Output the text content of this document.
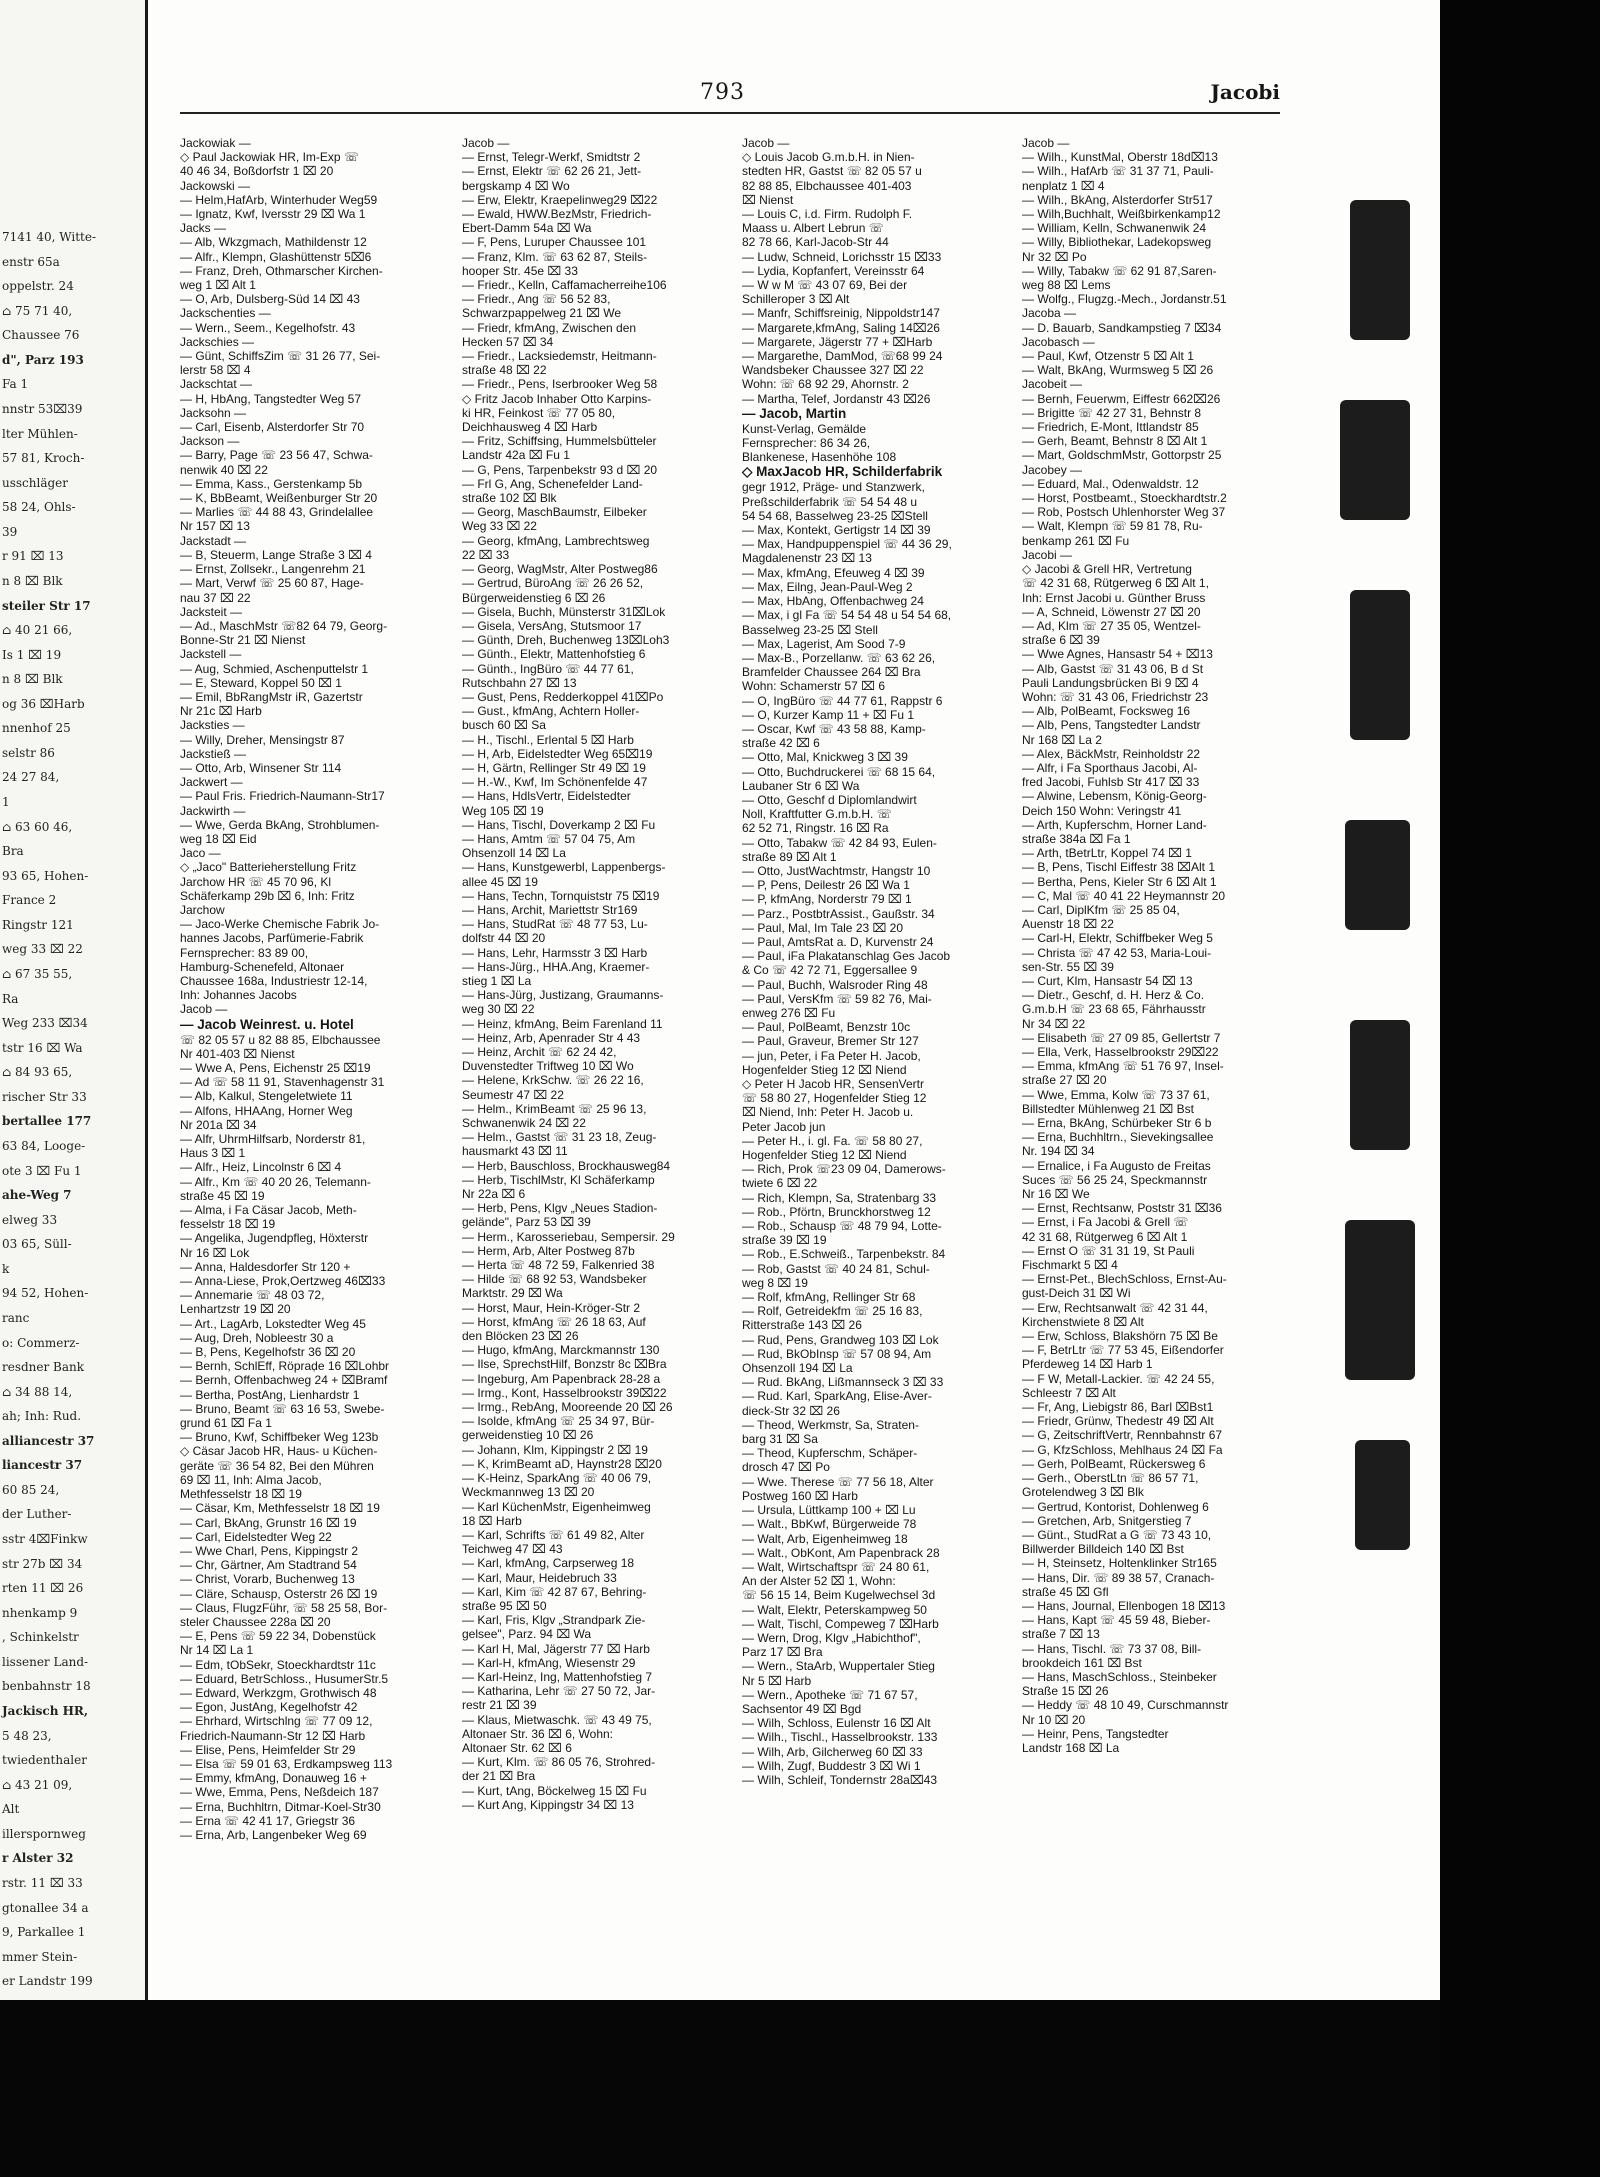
7141 40, Witte-
enstr 65a
oppelstr. 24
⌂ 75 71 40,
Chaussee 76
d", Parz 193
Fa 1
nnstr 53⌧39
lter Mühlen-
57 81, Kroch-
usschläger
58 24, Ohls-
39
r 91 ⌧ 13
n 8 ⌧ Blk
steiler Str 17
⌂ 40 21 66,
Is 1 ⌧ 19
n 8 ⌧ Blk
og 36 ⌧Harb
nnenhof 25
selstr 86
24 27 84,
1
⌂ 63 60 46,
Bra
93 65, Hohen-
France 2
Ringstr 121
weg 33 ⌧ 22
⌂ 67 35 55,
Ra
Weg 233 ⌧34
tstr 16 ⌧ Wa
⌂ 84 93 65,
rischer Str 33
bertallee 177
63 84, Looge-
ote 3 ⌧ Fu 1
ahe-Weg 7
elweg 33
03 65, Süll-
k
94 52, Hohen-
ranc
o: Commerz-
resdner Bank
⌂ 34 88 14,
ah; Inh: Rud.
alliancestr 37
liancestr 37
60 85 24,
der Luther-
sstr 4⌧Finkw
str 27b ⌧ 34
rten 11 ⌧ 26
nhenkamp 9
, Schinkelstr
lissener Land-
benbahnstr 18
Jackisch HR,
5 48 23,
twiedenthaler
⌂ 43 21 09,
Alt
illerspornweg
r Alster 32
rstr. 11 ⌧ 33
gtonallee 34 a
9, Parkallee 1
mmer Stein-
er Landstr 199
793	Jacobi
Jackowiak —
◇ Paul Jackowiak HR, Im-Exp ☏
40 46 34, Boßdorfstr 1 ⌧ 20
Jackowski —
— Helm,HafArb, Winterhuder Weg59
— Ignatz, Kwf, Iversstr 29 ⌧ Wa 1
Jacks —
— Alb, Wkzgmach, Mathildenstr 12
— Alfr., Klempn, Glashüttenstr 5⌧6
— Franz, Dreh, Othmarscher Kirchen-
weg 1 ⌧ Alt 1
— O, Arb, Dulsberg-Süd 14 ⌧ 43
Jackschenties —
— Wern., Seem., Kegelhofstr. 43
Jackschies —
— Günt, SchiffsZim ☏ 31 26 77, Sei-
lerstr 58 ⌧ 4
Jackschtat —
— H, HbAng, Tangstedter Weg 57
Jacksohn —
— Carl, Eisenb, Alsterdorfer Str 70
Jackson —
— Barry, Page ☏ 23 56 47, Schwa-
nenwik 40 ⌧ 22
— Emma, Kass., Gerstenkamp 5b
— K, BbBeamt, Weißenburger Str 20
— Marlies ☏ 44 88 43, Grindelallee
Nr 157 ⌧ 13
Jackstadt —
— B, Steuerm, Lange Straße 3 ⌧ 4
— Ernst, Zollsekr., Langenrehm 21
— Mart, Verwf ☏ 25 60 87, Hage-
nau 37 ⌧ 22
Jacksteit —
— Ad., MaschMstr ☏82 64 79, Georg-
Bonne-Str 21 ⌧ Nienst
Jackstell —
— Aug, Schmied, Aschenputtelstr 1
— E, Steward, Koppel 50 ⌧ 1
— Emil, BbRangMstr iR, Gazertstr
Nr 21c ⌧ Harb
Jacksties —
— Willy, Dreher, Mensingstr 87
Jackstieß —
— Otto, Arb, Winsener Str 114
Jackwert —
— Paul Fris. Friedrich-Naumann-Str17
Jackwirth —
— Wwe, Gerda BkAng, Strohblumen-
weg 18 ⌧ Eid
Jaco —
◇ „Jaco" Batterieherstellung Fritz
Jarchow HR ☏ 45 70 96, Kl
Schäferkamp 29b ⌧ 6, Inh: Fritz
Jarchow
— Jaco-Werke Chemische Fabrik Jo-
hannes Jacobs, Parfümerie-Fabrik
Fernsprecher: 83 89 00,
Hamburg-Schenefeld, Altonaer
Chaussee 168a, Industriestr 12-14,
Inh: Johannes Jacobs
Jacob —
— Jacob Weinrest. u. Hotel
☏ 82 05 57 u 82 88 85, Elbchaussee
Nr 401-403 ⌧ Nienst
— Wwe A, Pens, Eichenstr 25 ⌧19
— Ad ☏ 58 11 91, Stavenhagenstr 31
— Alb, Kalkul, Stengeletwiete 11
— Alfons, HHAAng, Horner Weg
Nr 201a ⌧ 34
— Alfr, UhrmHilfsarb, Norderstr 81,
Haus 3 ⌧ 1
— Alfr., Heiz, Lincolnstr 6 ⌧ 4
— Alfr., Km ☏ 40 20 26, Telemann-
straße 45 ⌧ 19
— Alma, i Fa Cäsar Jacob, Meth-
fesselstr 18 ⌧ 19
— Angelika, Jugendpfleg, Höxterstr
Nr 16 ⌧ Lok
— Anna, Haldesdorfer Str 120 +
— Anna-Liese, Prok,Oertzweg 46⌧33
— Annemarie ☏ 48 03 72,
Lenhartzstr 19 ⌧ 20
— Art., LagArb, Lokstedter Weg 45
— Aug, Dreh, Nobleestr 30 a
— B, Pens, Kegelhofstr 36 ⌧ 20
— Bernh, SchlEff, Röpraḍe 16 ⌧Lohbr
— Bernh, Offenbachweg 24 + ⌧Bramf
— Bertha, PostAng, Lienhardstr 1
— Bruno, Beamt ☏ 63 16 53, Swebe-
grund 61 ⌧ Fa 1
— Bruno, Kwf, Schiffbeker Weg 123b
◇ Cäsar Jacob HR, Haus- u Küchen-
geräte ☏ 36 54 82, Bei den Mühren
69 ⌧ 11, Inh: Alma Jacob,
Methfesselstr 18 ⌧ 19
— Cäsar, Km, Methfesselstr 18 ⌧ 19
— Carl, BkAng, Grunstr 16 ⌧ 19
— Carl, Eidelstedter Weg 22
— Wwe Charl, Pens, Kippingstr 2
— Chr, Gärtner, Am Stadtrand 54
— Christ, Vorarb, Buchenweg 13
— Cläre, Schausp, Osterstr 26 ⌧ 19
— Claus, FlugzFühr, ☏ 58 25 58, Bor-
steler Chaussee 228a ⌧ 20
— E, Pens ☏ 59 22 34, Dobenstück
Nr 14 ⌧ La 1
— Edm, tObSekr, Stoeckhardtstr 11c
— Eduard, BetrSchloss., HusumerStr.5
— Edward, Werkzgm, Grothwisch 48
— Egon, JustAng, Kegelhofstr 42
— Ehrhard, Wirtschlng ☏ 77 09 12,
Friedrich-Naumann-Str 12 ⌧ Harb
— Elise, Pens, Heimfelder Str 29
— Elsa ☏ 59 01 63, Erdkampsweg 113
— Emmy, kfmAng, Donauweg 16 +
— Wwe, Emma, Pens, Neßdeich 187
— Erna, Buchhltrn, Ditmar-Koel-Str30
— Erna ☏ 42 41 17, Griegstr 36
— Erna, Arb, Langenbeker Weg 69
Jacob —
— Ernst, Telegr-Werkf, Smidtstr 2
— Ernst, Elektr ☏ 62 26 21, Jett-
bergskamp 4 ⌧ Wo
— Erw, Elektr, Kraepelinweg29 ⌧22
— Ewald, HWW.BezMstr, Friedrich-
Ebert-Damm 54a ⌧ Wa
— F, Pens, Luruper Chaussee 101
— Franz, Klm. ☏ 63 62 87, Steils-
hooper Str. 45e ⌧ 33
— Friedr., Kelln, Caffamacherreihe106
— Friedr., Ang ☏ 56 52 83,
Schwarzpappelweg 21 ⌧ We
— Friedr, kfmAng, Zwischen den
Hecken 57 ⌧ 34
— Friedr., Lacksiedemstr, Heitmann-
straße 48 ⌧ 22
— Friedr., Pens, Iserbrooker Weg 58
◇ Fritz Jacob Inhaber Otto Karpins-
ki HR, Feinkost ☏ 77 05 80,
Deichhausweg 4 ⌧ Harb
— Fritz, Schiffsing, Hummelsbütteler
Landstr 42a ⌧ Fu 1
— G, Pens, Tarpenbekstr 93 d ⌧ 20
— Frl G, Ang, Schenefelder Land-
straße 102 ⌧ Blk
— Georg, MaschBaumstr, Eilbeker
Weg 33 ⌧ 22
— Georg, kfmAng, Lambrechtsweg
22 ⌧ 33
— Georg, WagMstr, Alter Postweg86
— Gertrud, BüroAng ☏ 26 26 52,
Bürgerweidenstieg 6 ⌧ 26
— Gisela, Buchh, Münsterstr 31⌧Lok
— Gisela, VersAng, Stutsmoor 17
— Günth, Dreh, Buchenweg 13⌧Loh3
— Günth., Elektr, Mattenhofstieg 6
— Günth., IngBüro ☏ 44 77 61,
Rutschbahn 27 ⌧ 13
— Gust, Pens, Redderkoppel 41⌧Po
— Gust., kfmAng, Achtern Holler-
busch 60 ⌧ Sa
— H., Tischl., Erlental 5 ⌧ Harb
— H, Arb, Eidelstedter Weg 65⌧19
— H, Gärtn, Rellinger Str 49 ⌧ 19
— H.-W., Kwf, Im Schönenfelde 47
— Hans, HdlsVertr, Eidelstedter
Weg 105 ⌧ 19
— Hans, Tischl, Doverkamp 2 ⌧ Fu
— Hans, Amtm ☏ 57 04 75, Am
Ohsenzoll 14 ⌧ La
— Hans, Kunstgewerbl, Lappenbergs-
allee 45 ⌧ 19
— Hans, Techn, Tornquiststr 75 ⌧19
— Hans, Archit, Mariettstr Str169
— Hans, StudRat ☏ 48 77 53, Lu-
dolfstr 44 ⌧ 20
— Hans, Lehr, Harmsstr 3 ⌧ Harb
— Hans-Jürg., HHA.Ang, Kraemer-
stieg 1 ⌧ La
— Hans-Jürg, Justizang, Graumanns-
weg 30 ⌧ 22
— Heinz, kfmAng, Beim Farenland 11
— Heinz, Arb, Apenrader Str 4 43
— Heinz, Archit ☏ 62 24 42,
Duvenstedter Triftweg 10 ⌧ Wo
— Helene, KrkSchw. ☏ 26 22 16,
Seumestr 47 ⌧ 22
— Helm., KrimBeamt ☏ 25 96 13,
Schwanenwik 24 ⌧ 22
— Helm., Gastst ☏ 31 23 18, Zeug-
hausmarkt 43 ⌧ 11
— Herb, Bauschloss, Brockhausweg84
— Herb, TischlMstr, Kl Schäferkamp
Nr 22a ⌧ 6
— Herb, Pens, Klgv „Neues Stadion-
gelände", Parz 53 ⌧ 39
— Herm., Karosseriebau, Sempersir. 29
— Herm, Arb, Alter Postweg 87b
— Herta ☏ 48 72 59, Falkenried 38
— Hilde ☏ 68 92 53, Wandsbeker
Marktstr. 29 ⌧ Wa
— Horst, Maur, Hein-Kröger-Str 2
— Horst, kfmAng ☏ 26 18 63, Auf
den Blöcken 23 ⌧ 26
— Hugo, kfmAng, Marckmannstr 130
— Ilse, SprechstHilf, Bonzstr 8c ⌧Bra
— Ingeburg, Am Papenbrack 28-28 a
— Irmg., Kont, Hasselbrookstr 39⌧22
— Irmg., RebAng, Mooreende 20 ⌧ 26
— Isolde, kfmAng ☏ 25 34 97, Bür-
gerweidenstieg 10 ⌧ 26
— Johann, Klm, Kippingstr 2 ⌧ 19
— K, KrimBeamt aD, Haynstr28 ⌧20
— K-Heinz, SparkAng ☏ 40 06 79,
Weckmannweg 13 ⌧ 20
— Karl KüchenMstr, Eigenheimweg
18 ⌧ Harb
— Karl, Schrifts ☏ 61 49 82, Alter
Teichweg 47 ⌧ 43
— Karl, kfmAng, Carpserweg 18
— Karl, Maur, Heidebruch 33
— Karl, Kim ☏ 42 87 67, Behring-
straße 95 ⌧ 50
— Karl, Fris, Klgv „Strandpark Zie-
gelsee", Parz. 94 ⌧ Wa
— Karl H, Mal, Jägerstr 77 ⌧ Harb
— Karl-H, kfmAng, Wiesenstr 29
— Karl-Heinz, Ing, Mattenhofstieg 7
— Katharina, Lehr ☏ 27 50 72, Jar-
restr 21 ⌧ 39
— Klaus, Mietwaschk. ☏ 43 49 75,
Altonaer Str. 36 ⌧ 6, Wohn:
Altonaer Str. 62 ⌧ 6
— Kurt, Klm. ☏ 86 05 76, Strohred-
der 21 ⌧ Bra
— Kurt, tAng, Böckelweg 15 ⌧ Fu
— Kurt Ang, Kippingstr 34 ⌧ 13
Jacob —
◇ Louis Jacob G.m.b.H. in Nien-
stedten HR, Gastst ☏ 82 05 57 u
82 88 85, Elbchaussee 401-403
⌧ Nienst
— Louis C, i.d. Firm. Rudolph F.
Maass u. Albert Lebrun ☏
82 78 66, Karl-Jacob-Str 44
— Ludw, Schneid, Lorichsstr 15 ⌧33
— Lydia, Kopfanfert, Vereinsstr 64
— W w M ☏ 43 07 69, Bei der
Schilleroper 3 ⌧ Alt
— Manfr, Schiffsreinig, Nippoldstr147
— Margarete,kfmAng, Saling 14⌧26
— Margarete, Jägerstr 77 + ⌧Harb
— Margarethe, DamMod, ☏68 99 24
Wandsbeker Chaussee 327 ⌧ 22
Wohn: ☏ 68 92 29, Ahornstr. 2
— Martha, Telef, Jordanstr 43 ⌧26
— Jacob, Martin
Kunst-Verlag, Gemälde
Fernsprecher: 86 34 26,
Blankenese, Hasenhöhe 108
◇ MaxJacob HR, Schilderfabrik
gegr 1912, Präge- und Stanzwerk,
Preßschilderfabrik ☏ 54 54 48 u
54 54 68, Basselweg 23-25 ⌧Stell
— Max, Kontekt, Gertigstr 14 ⌧ 39
— Max, Handpuppenspiel ☏ 44 36 29,
Magdalenenstr 23 ⌧ 13
— Max, kfmAng, Efeuweg 4 ⌧ 39
— Max, Eilng, Jean-Paul-Weg 2
— Max, HbAng, Offenbachweg 24
— Max, i gl Fa ☏ 54 54 48 u 54 54 68,
Basselweg 23-25 ⌧ Stell
— Max, Lagerist, Am Sood 7-9
— Max-B., Porzellanw. ☏ 63 62 26,
Bramfelder Chaussee 264 ⌧ Bra
Wohn: Schamerstr 57 ⌧ 6
— O, IngBüro ☏ 44 77 61, Rappstr 6
— O, Kurzer Kamp 11 + ⌧ Fu 1
— Oscar, Kwf ☏ 43 58 88, Kamp-
straße 42 ⌧ 6
— Otto, Mal, Knickweg 3 ⌧ 39
— Otto, Buchdruckerei ☏ 68 15 64,
Laubaner Str 6 ⌧ Wa
— Otto, Geschf d Diplomlandwirt
Noll, Kraftfutter G.m.b.H. ☏
62 52 71, Ringstr. 16 ⌧ Ra
— Otto, Tabakw ☏ 42 84 93, Eulen-
straße 89 ⌧ Alt 1
— Otto, JustWachtmstr, Hangstr 10
— P, Pens, Deilestr 26 ⌧ Wa 1
— P, kfmAng, Norderstr 79 ⌧ 1
— Parz., PostbtrAssist., Gaußstr. 34
— Paul, Mal, Im Tale 23 ⌧ 20
— Paul, AmtsRat a. D, Kurvenstr 24
— Paul, iFa Plakatanschlag Ges Jacob
& Co ☏ 42 72 71, Eggersallee 9
— Paul, Buchh, Walsroder Ring 48
— Paul, VersKfm ☏ 59 82 76, Mai-
enweg 276 ⌧ Fu
— Paul, PolBeamt, Benzstr 10c
— Paul, Graveur, Bremer Str 127
— jun, Peter, i Fa Peter H. Jacob,
Hogenfelder Stieg 12 ⌧ Niend
◇ Peter H Jacob HR, SensenVertr
☏ 58 80 27, Hogenfelder Stieg 12
⌧ Niend, Inh: Peter H. Jacob u.
Peter Jacob jun
— Peter H., i. gl. Fa. ☏ 58 80 27,
Hogenfelder Stieg 12 ⌧ Niend
— Rich, Prok ☏23 09 04, Damerows-
twiete 6 ⌧ 22
— Rich, Klempn, Sa, Stratenbarg 33
— Rob., Pförtn, Brunckhorstweg 12
— Rob., Schausp ☏ 48 79 94, Lotte-
straße 39 ⌧ 19
— Rob., E.Schweiß., Tarpenbekstr. 84
— Rob, Gastst ☏ 40 24 81, Schul-
weg 8 ⌧ 19
— Rolf, kfmAng, Rellinger Str 68
— Rolf, Getreidekfm ☏ 25 16 83,
Ritterstraße 143 ⌧ 26
— Rud, Pens, Grandweg 103 ⌧ Lok
— Rud, BkObInsp ☏ 57 08 94, Am
Ohsenzoll 194 ⌧ La
— Rud. BkAng, Lißmannseck 3 ⌧ 33
— Rud. Karl, SparkAng, Elise-Aver-
dieck-Str 32 ⌧ 26
— Theod, Werkmstr, Sa, Straten-
barg 31 ⌧ Sa
— Theod, Kupferschm, Schäper-
drosch 47 ⌧ Po
— Wwe. Therese ☏ 77 56 18, Alter
Postweg 160 ⌧ Harb
— Ursula, Lüttkamp 100 + ⌧ Lu
— Walt., BbKwf, Bürgerweide 78
— Walt, Arb, Eigenheimweg 18
— Walt., ObKont, Am Papenbrack 28
— Walt, Wirtschaftspr ☏ 24 80 61,
An der Alster 52 ⌧ 1, Wohn:
☏ 56 15 14, Beim Kugelwechsel 3d
— Walt, Elektr, Peterskampweg 50
— Walt, Tischl, Compeweg 7 ⌧Harb
— Wern, Drog, Klgv „Habichthof",
Parz 17 ⌧ Bra
— Wern., StaArb, Wuppertaler Stieg
Nr 5 ⌧ Harb
— Wern., Apotheke ☏ 71 67 57,
Sachsentor 49 ⌧ Bgd
— Wilh, Schloss, Eulenstr 16 ⌧ Alt
— Wilh., Tischl., Hasselbrookstr. 133
— Wilh, Arb, Gilcherweg 60 ⌧ 33
— Wilh, Zugf, Buddestr 3 ⌧ Wi 1
— Wilh, Schleif, Tondernstr 28a⌧43
Jacob —
— Wilh., KunstMal, Oberstr 18d⌧13
— Wilh., HafArb ☏ 31 37 71, Pauli-
nenplatz 1 ⌧ 4
— Wilh., BkAng, Alsterdorfer Str517
— Wilh,Buchhalt, Weißbirkenkamp12
— William, Kelln, Schwanenwik 24
— Willy, Bibliothekar, Ladekopsweg
Nr 32 ⌧ Po
— Willy, Tabakw ☏ 62 91 87,Saren-
weg 88 ⌧ Lems
— Wolfg., Flugzg.-Mech., Jordanstr.51
Jacoba —
— D. Bauarb, Sandkampstieg 7 ⌧34
Jacobasch —
— Paul, Kwf, Otzenstr 5 ⌧ Alt 1
— Walt, BkAng, Wurmsweg 5 ⌧ 26
Jacobeit —
— Bernh, Feuerwm, Eiffestr 662⌧26
— Brigitte ☏ 42 27 31, Behnstr 8
— Friedrich, E-Mont, Ittlandstr 85
— Gerh, Beamt, Behnstr 8 ⌧ Alt 1
— Mart, GoldschmMstr, Gottorpstr 25
Jacobey —
— Eduard, Mal., Odenwaldstr. 12
— Horst, Postbeamt., Stoeckhardtstr.2
— Rob, Postsch Uhlenhorster Weg 37
— Walt, Klempn ☏ 59 81 78, Ru-
benkamp 261 ⌧ Fu
Jacobi —
◇ Jacobi & Grell HR, Vertretung
☏ 42 31 68, Rütgerweg 6 ⌧ Alt 1,
Inh: Ernst Jacobi u. Günther Bruss
— A, Schneid, Löwenstr 27 ⌧ 20
— Ad, Klm ☏ 27 35 05, Wentzel-
straße 6 ⌧ 39
— Wwe Agnes, Hansastr 54 + ⌧13
— Alb, Gastst ☏ 31 43 06, B d St
Pauli Landungsbrücken Bi 9 ⌧ 4
Wohn: ☏ 31 43 06, Friedrichstr 23
— Alb, PolBeamt, Focksweg 16
— Alb, Pens, Tangstedter Landstr
Nr 168 ⌧ La 2
— Alex, BäckMstr, Reinholdstr 22
— Alfr, i Fa Sporthaus Jacobi, Al-
fred Jacobi, Fuhlsb Str 417 ⌧ 33
— Alwine, Lebensm, König-Georg-
Deich 150 Wohn: Veringstr 41
— Arth, Kupferschm, Horner Land-
straße 384a ⌧ Fa 1
— Arth, tBetrLtr, Koppel 74 ⌧ 1
— B, Pens, Tischl Eiffestr 38 ⌧Alt 1
— Bertha, Pens, Kieler Str 6 ⌧ Alt 1
— C, Mal ☏ 40 41 22 Heymannstr 20
— Carl, DiplKfm ☏ 25 85 04,
Auenstr 18 ⌧ 22
— Carl-H, Elektr, Schiffbeker Weg 5
— Christa ☏ 47 42 53, Maria-Loui-
sen-Str. 55 ⌧ 39
— Curt, Klm, Hansastr 54 ⌧ 13
— Dietr., Geschf, d. H. Herz & Co.
G.m.b.H ☏ 23 68 65, Fährhausstr
Nr 34 ⌧ 22
— Elisabeth ☏ 27 09 85, Gellertstr 7
— Ella, Verk, Hasselbrookstr 29⌧22
— Emma, kfmAng ☏ 51 76 97, Insel-
straße 27 ⌧ 20
— Wwe, Emma, Kolw ☏ 73 37 61,
Billstedter Mühlenweg 21 ⌧ Bst
— Erna, BkAng, Schürbeker Str 6 b
— Erna, Buchhltrn., Sievekingsallee
Nr. 194 ⌧ 34
— Ernalice, i Fa Augusto de Freitas
Suces ☏ 56 25 24, Speckmannstr
Nr 16 ⌧ We
— Ernst, Rechtsanw, Poststr 31 ⌧36
— Ernst, i Fa Jacobi & Grell ☏
42 31 68, Rütgerweg 6 ⌧ Alt 1
— Ernst O ☏ 31 31 19, St Pauli
Fischmarkt 5 ⌧ 4
— Ernst-Pet., BlechSchloss, Ernst-Au-
gust-Deich 31 ⌧ Wi
— Erw, Rechtsanwalt ☏ 42 31 44,
Kirchenstwiete 8 ⌧ Alt
— Erw, Schloss, Blakshörn 75 ⌧ Be
— F, BetrLtr ☏ 77 53 45, Eißendorfer
Pferdeweg 14 ⌧ Harb 1
— F W, Metall-Lackier. ☏ 42 24 55,
Schleestr 7 ⌧ Alt
— Fr, Ang, Liebigstr 86, Barl ⌧Bst1
— Friedr, Grünw, Thedestr 49 ⌧ Alt
— G, ZeitschriftVertr, Rennbahnstr 67
— G, KfzSchloss, Mehlhaus 24 ⌧ Fa
— Gerh, PolBeamt, Rückersweg 6
— Gerh., OberstLtn ☏ 86 57 71,
Grotelendweg 3 ⌧ Blk
— Gertrud, Kontorist, Dohlenweg 6
— Gretchen, Arb, Snitgerstieg 7
— Günt., StudRat a G ☏ 73 43 10,
Billwerder Billdeich 140 ⌧ Bst
— H, Steinsetz, Holtenklinker Str165
— Hans, Dir. ☏ 89 38 57, Cranach-
straße 45 ⌧ Gfl
— Hans, Journal, Ellenbogen 18 ⌧13
— Hans, Kapt ☏ 45 59 48, Bieber-
straße 7 ⌧ 13
— Hans, Tischl. ☏ 73 37 08, Bill-
brookdeich 161 ⌧ Bst
— Hans, MaschSchloss., Steinbeker
Straße 15 ⌧ 26
— Heddy ☏ 48 10 49, Curschmannstr
Nr 10 ⌧ 20
— Heinr, Pens, Tangstedter
Landstr 168 ⌧ La
